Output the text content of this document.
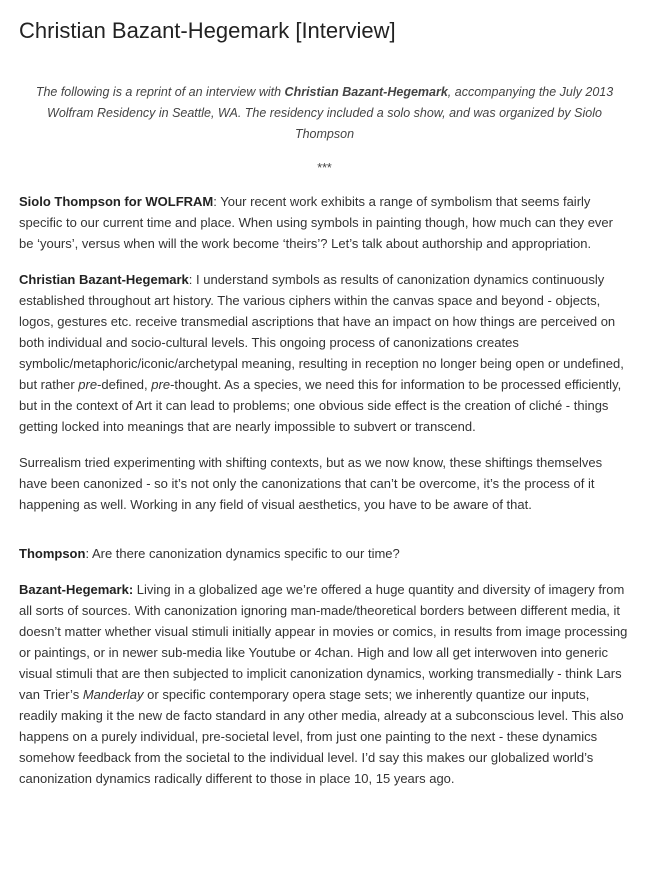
Christian Bazant-Hegemark [Interview]

The following is a reprint of an interview with Christian Bazant-Hegemark, accompanying the July 2013 Wolfram Residency in Seattle, WA. The residency included a solo show, and was organized by Siolo Thompson

***

Siolo Thompson for WOLFRAM: Your recent work exhibits a range of symbolism that seems fairly specific to our current time and place. When using symbols in painting though, how much can they ever be ‘yours’, versus when will the work become ‘theirs’? Let’s talk about authorship and appropriation.

Christian Bazant-Hegemark: I understand symbols as results of canonization dynamics continuously established throughout art history. The various ciphers within the canvas space and beyond - objects, logos, gestures etc. receive transmedial ascriptions that have an impact on how things are perceived on both individual and socio-cultural levels. This ongoing process of canonizations creates symbolic/metaphoric/iconic/archetypal meaning, resulting in reception no longer being open or undefined, but rather pre-defined, pre-thought. As a species, we need this for information to be processed efficiently, but in the context of Art it can lead to problems; one obvious side effect is the creation of cliché - things getting locked into meanings that are nearly impossible to subvert or transcend.

Surrealism tried experimenting with shifting contexts, but as we now know, these shiftings themselves have been canonized - so it’s not only the canonizations that can’t be overcome, it’s the process of it happening as well. Working in any field of visual aesthetics, you have to be aware of that.

Thompson: Are there canonization dynamics specific to our time?

Bazant-Hegemark: Living in a globalized age we’re offered a huge quantity and diversity of imagery from all sorts of sources. With canonization ignoring man-made/theoretical borders between different media, it doesn’t matter whether visual stimuli initially appear in movies or comics, in results from image processing or paintings, or in newer sub-media like Youtube or 4chan. High and low all get interwoven into generic visual stimuli that are then subjected to implicit canonization dynamics, working transmedially - think Lars van Trier’s Manderlay or specific contemporary opera stage sets; we inherently quantize our inputs, readily making it the new de facto standard in any other media, already at a subconscious level. This also happens on a purely individual, pre-societal level, from just one painting to the next - these dynamics somehow feedback from the societal to the individual level. I’d say this makes our globalized world’s canonization dynamics radically different to those in place 10, 15 years ago.
